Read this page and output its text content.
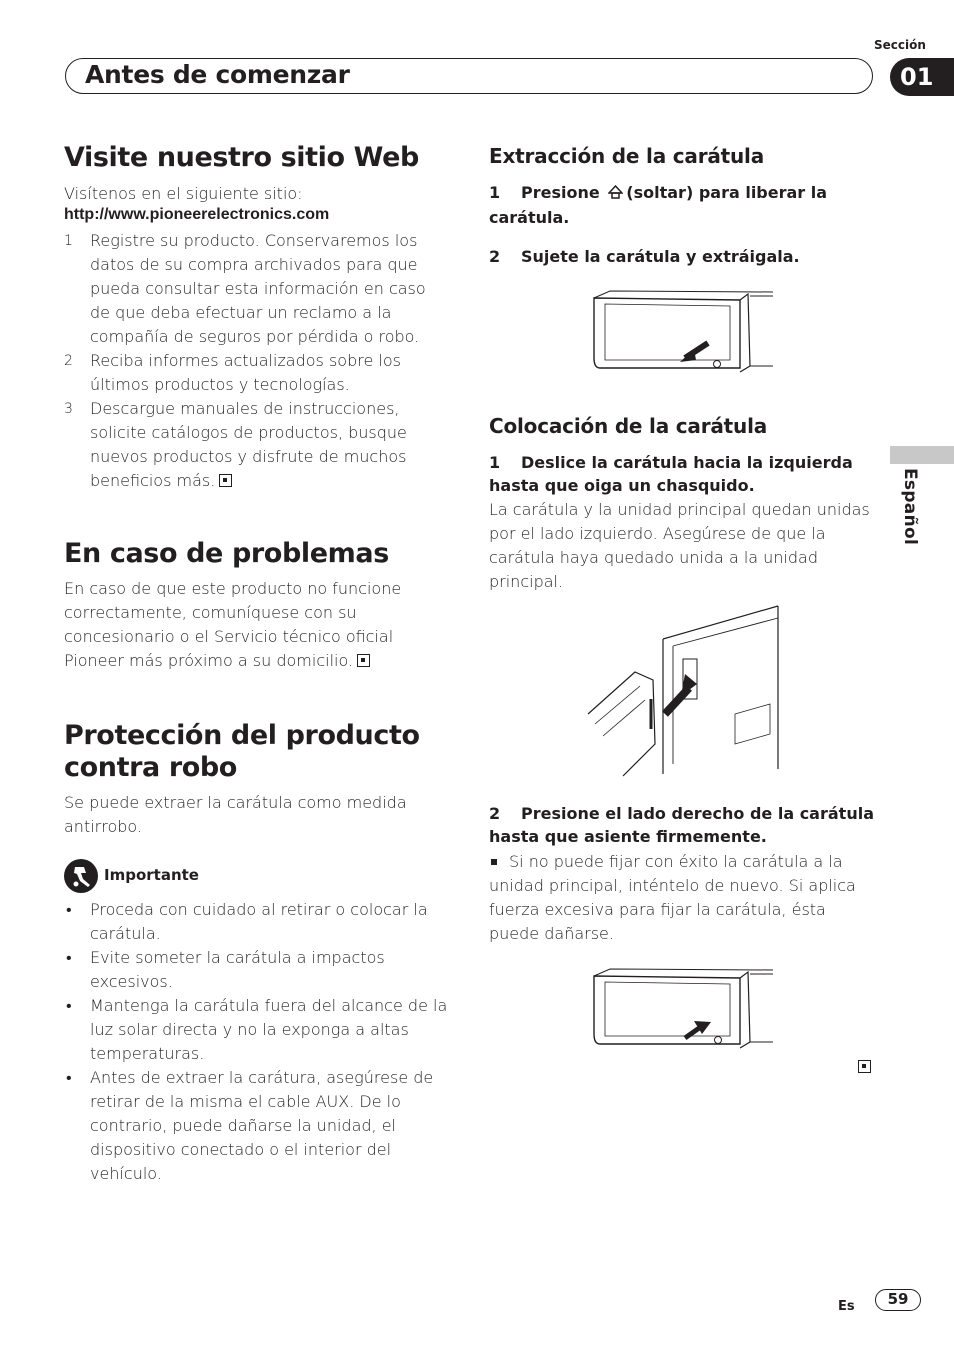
Sección
Antes de comenzar	01
Español
Visite nuestro sitio Web

Visítenos en el siguiente sitio:

http://www.pioneerelectronics.com

1 Registre su producto. Conservaremos los datos de su compra archivados para que pueda consultar esta información en caso de que deba efectuar un reclamo a la compañía de seguros por pérdida o robo.
2 Reciba informes actualizados sobre los últimos productos y tecnologías.
3 Descargue manuales de instrucciones, solicite catálogos de productos, busque nuevos productos y disfrute de muchos beneficios más.
En caso de problemas

En caso de que este producto no funcione correctamente, comuníquese con su concesionario o el Servicio técnico oficial Pioneer más próximo a su domicilio.

Protección del producto contra robo

Se puede extraer la carátula como medida antirrobo.

Importante
• Proceda con cuidado al retirar o colocar la carátula.
• Evite someter la carátula a impactos excesivos.
• Mantenga la carátula fuera del alcance de la luz solar directa y no la exponga a altas temperaturas.
• Antes de extraer la carátura, asegúrese de retirar de la misma el cable AUX. De lo contrario, puede dañarse la unidad, el dispositivo conectado o el interior del vehículo.
Extracción de la carátula

1 Presione (soltar) para liberar la carátula.

2 Sujete la carátula y extráigala.

Colocación de la carátula

1 Deslice la carátula hacia la izquierda hasta que oiga un chasquido.

La carátula y la unidad principal quedan unidas por el lado izquierdo. Asegúrese de que la carátula haya quedado unida a la unidad principal.

2 Presione el lado derecho de la carátula hasta que asiente firmemente.

Si no puede fijar con éxito la carátula a la unidad principal, inténtelo de nuevo. Si aplica fuerza excesiva para fijar la carátula, ésta puede dañarse.

Es	59
